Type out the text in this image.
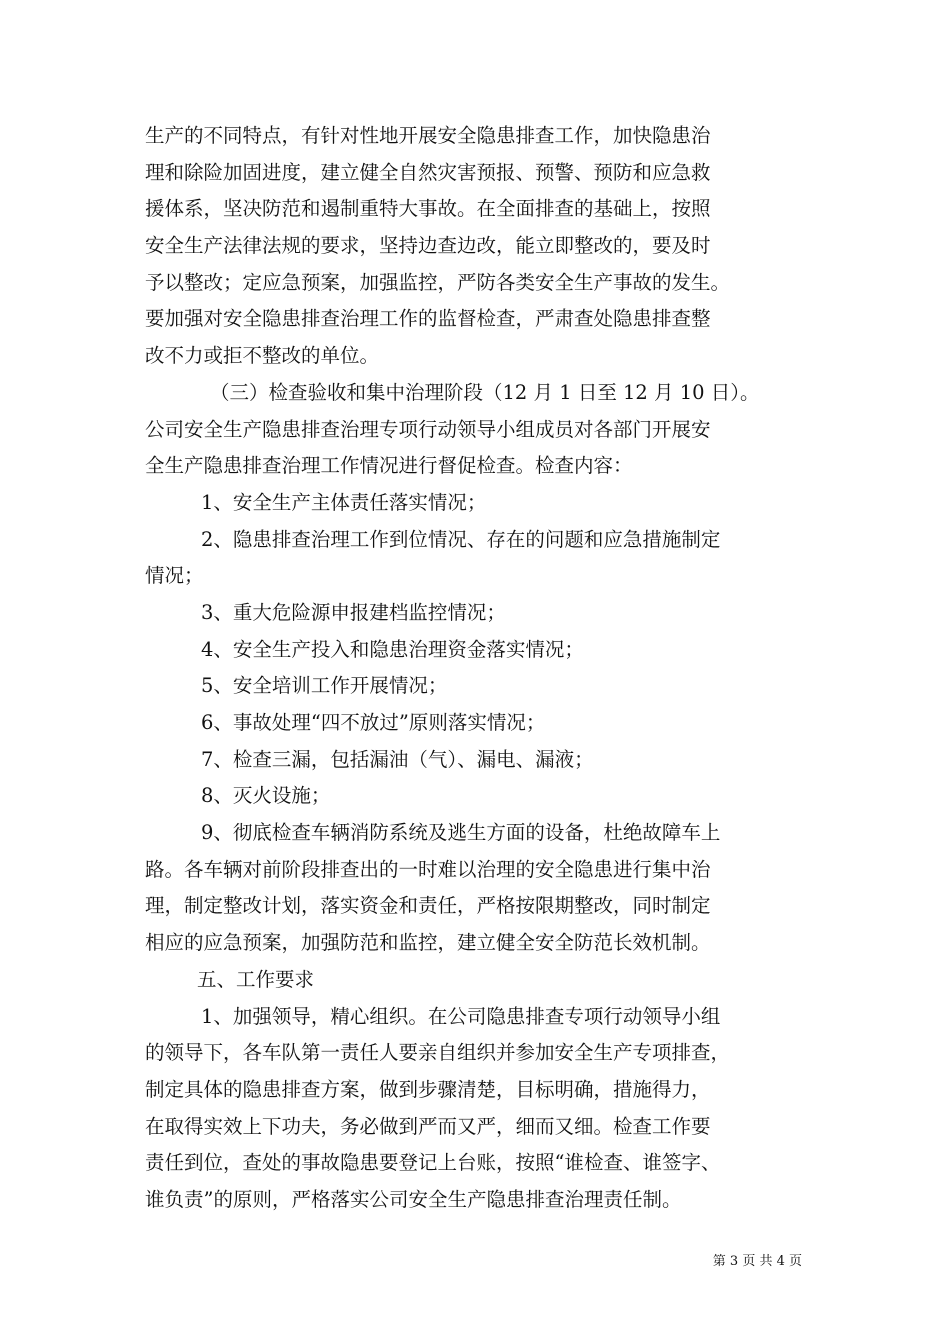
生产的不同特点，有针对性地开展安全隐患排查工作，加快隐患治
理和除险加固进度，建立健全自然灾害预报、预警、预防和应急救
援体系，坚决防范和遏制重特大事故。在全面排查的基础上，按照
安全生产法律法规的要求，坚持边查边改，能立即整改的，要及时
予以整改；定应急预案，加强监控，严防各类安全生产事故的发生。
要加强对安全隐患排查治理工作的监督检查，严肃查处隐患排查整
改不力或拒不整改的单位。
（三）检查验收和集中治理阶段（12 月 1 日至 12 月 10 日）。
公司安全生产隐患排查治理专项行动领导小组成员对各部门开展安
全生产隐患排查治理工作情况进行督促检查。检查内容：
1、安全生产主体责任落实情况；
2、隐患排查治理工作到位情况、存在的问题和应急措施制定
情况；
3、重大危险源申报建档监控情况；
4、安全生产投入和隐患治理资金落实情况；
5、安全培训工作开展情况；
6、事故处理“四不放过”原则落实情况；
7、检查三漏，包括漏油（气）、漏电、漏液；
8、灭火设施；
9、彻底检查车辆消防系统及逃生方面的设备，杜绝故障车上
路。各车辆对前阶段排查出的一时难以治理的安全隐患进行集中治
理，制定整改计划，落实资金和责任，严格按限期整改，同时制定
相应的应急预案，加强防范和监控，建立健全安全防范长效机制。
五、工作要求
1、加强领导，精心组织。在公司隐患排查专项行动领导小组
的领导下，各车队第一责任人要亲自组织并参加安全生产专项排查，
制定具体的隐患排查方案，做到步骤清楚，目标明确，措施得力，
在取得实效上下功夫，务必做到严而又严，细而又细。检查工作要
责任到位，查处的事故隐患要登记上台账，按照“谁检查、谁签字、
谁负责”的原则，严格落实公司安全生产隐患排查治理责任制。
第 3 页 共 4 页
